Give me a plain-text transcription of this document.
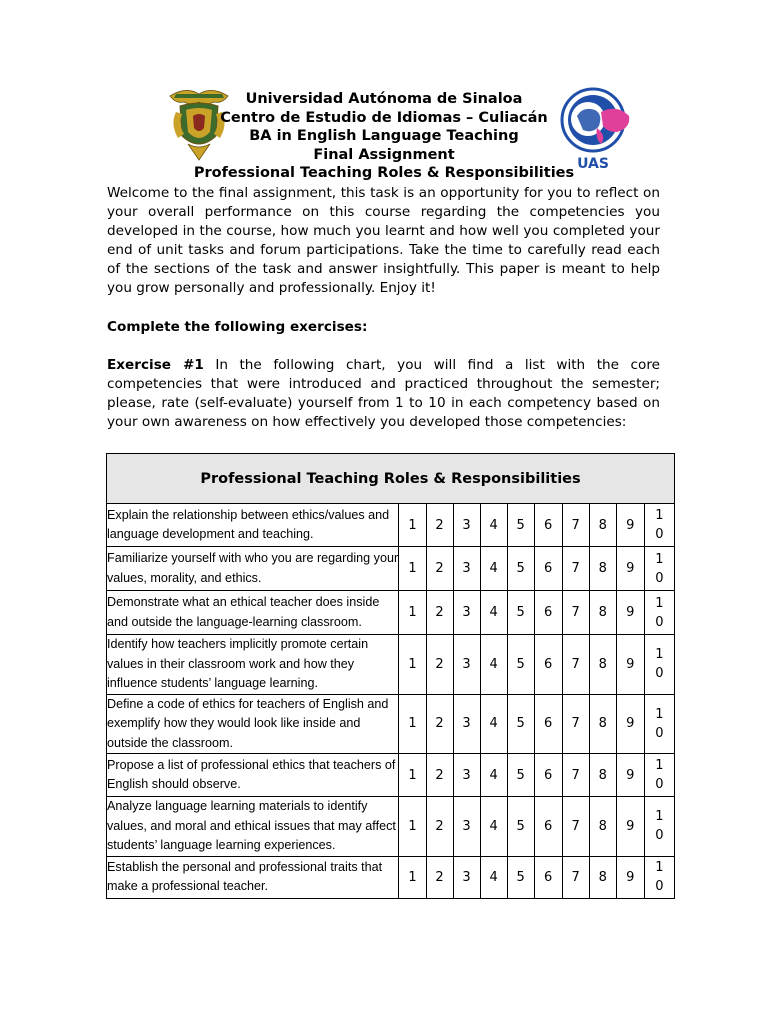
UAS
Universidad Autónoma de Sinaloa
Centro de Estudio de Idiomas – Culiacán
BA in English Language Teaching
Final Assignment
Professional Teaching Roles & Responsibilities

Welcome to the final assignment, this task is an opportunity for you to reflect on your overall performance on this course regarding the competencies you developed in the course, how much you learnt and how well you completed your end of unit tasks and forum participations. Take the time to carefully read each of the sections of the task and answer insightfully. This paper is meant to help you grow personally and professionally. Enjoy it!

Complete the following exercises:

Exercise #1 In the following chart, you will find a list with the core competencies that were introduced and practiced throughout the semester; please, rate (self-evaluate) yourself from 1 to 10 in each competency based on your own awareness on how effectively you developed those competencies:

Professional Teaching Roles & Responsibilities										
Explain the relationship between ethics/values and language development and teaching.	1	2	3	4	5	6	7	8	9	1
0
Familiarize yourself with who you are regarding your values, morality, and ethics.	1	2	3	4	5	6	7	8	9	1
0
Demonstrate what an ethical teacher does inside and outside the language-learning classroom.	1	2	3	4	5	6	7	8	9	1
0
Identify how teachers implicitly promote certain values in their classroom work and how they influence students’ language learning.	1	2	3	4	5	6	7	8	9	1
0
Define a code of ethics for teachers of English and exemplify how they would look like inside and outside the classroom.	1	2	3	4	5	6	7	8	9	1
0
Propose a list of professional ethics that teachers of English should observe.	1	2	3	4	5	6	7	8	9	1
0
Analyze language learning materials to identify values, and moral and ethical issues that may affect students’ language learning experiences.	1	2	3	4	5	6	7	8	9	1
0
Establish the personal and professional traits that make a professional teacher.	1	2	3	4	5	6	7	8	9	1
0
